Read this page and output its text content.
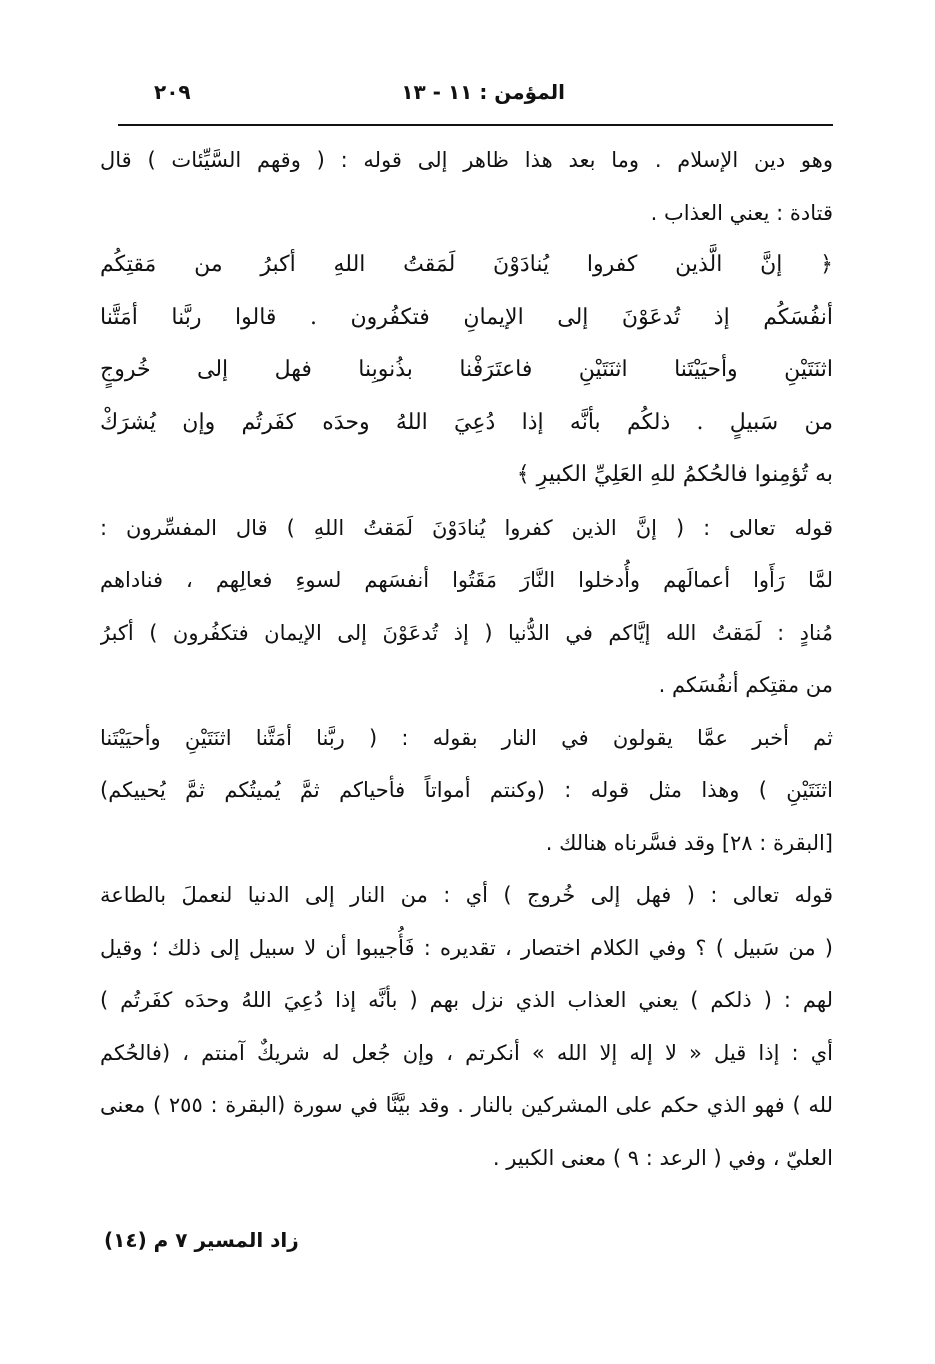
٢٠٩	المؤمن : ١١ - ١٣
وهو دين الإسلام . وما بعد هذا ظاهر إلى قوله : ( وقهم السَّيِّئات ) قال
قتادة : يعني العذاب .
﴿ إنَّ الَّذين كفروا يُنادَوْنَ لَمَقتُ اللهِ أكبرُ من مَقتِكُم
أنفُسَكُم إذ تُدعَوْنَ إلى الإيمانِ فتكفُرون . قالوا ربَّنا أمَتَّنا
اثنَتَيْنِ وأحيَيْتَنا اثنَتَيْنِ فاعتَرَفْنا بذُنوبِنا فهل إلى خُروجٍ
من سَبيلٍ . ذلكُم بأنَّه إذا دُعِيَ اللهُ وحدَه كفَرتُم وإن يُشرَكْ
به تُؤمِنوا فالحُكمُ للهِ العَلِيِّ الكبيرِ ﴾
قوله تعالى : ( إنَّ الذين كفروا يُنادَوْنَ لَمَقتُ اللهِ ) قال المفسِّرون :
لمَّا رَأَوا أعمالَهم وأُدخلوا النَّارَ مَقَتُوا أنفسَهم لسوءِ فعالِهم ، فناداهم
مُنادٍ : لَمَقتُ الله إيَّاكم في الدُّنيا ( إذ تُدعَوْنَ إلى الإيمان فتكفُرون ) أكبرُ
من مقتِكم أنفُسَكم .
ثم أخبر عمَّا يقولون في النار بقوله : ( ربَّنا أمَتَّنا اثنَتَيْنِ وأحيَيْتَنا
اثنَتَيْنِ ) وهذا مثل قوله : (وكنتم أمواتاً فأحياكم ثمَّ يُميتُكم ثمَّ يُحييكم)
[البقرة : ٢٨] وقد فسَّرناه هنالك .
قوله تعالى : ( فهل إلى خُروج ) أي : من النار إلى الدنيا لنعملَ بالطاعة
( من سَبيل ) ؟ وفي الكلام اختصار ، تقديره : فَأُجيبوا أن لا سبيل إلى ذلك ؛ وقيل
لهم : ( ذلكم ) يعني العذاب الذي نزل بهم ( بأنَّه إذا دُعِيَ اللهُ وحدَه كفَرتُم )
أي : إذا قيل « لا إله إلا الله » أنكرتم ، وإن جُعل له شريكٌ آمنتم ، (فالحُكم
لله ) فهو الذي حكم على المشركين بالنار . وقد بيَّنَّا في سورة (البقرة : ٢٥٥ ) معنى
العليّ ، وفي ( الرعد : ٩ ) معنى الكبير .
زاد المسير ٧ م (١٤)
